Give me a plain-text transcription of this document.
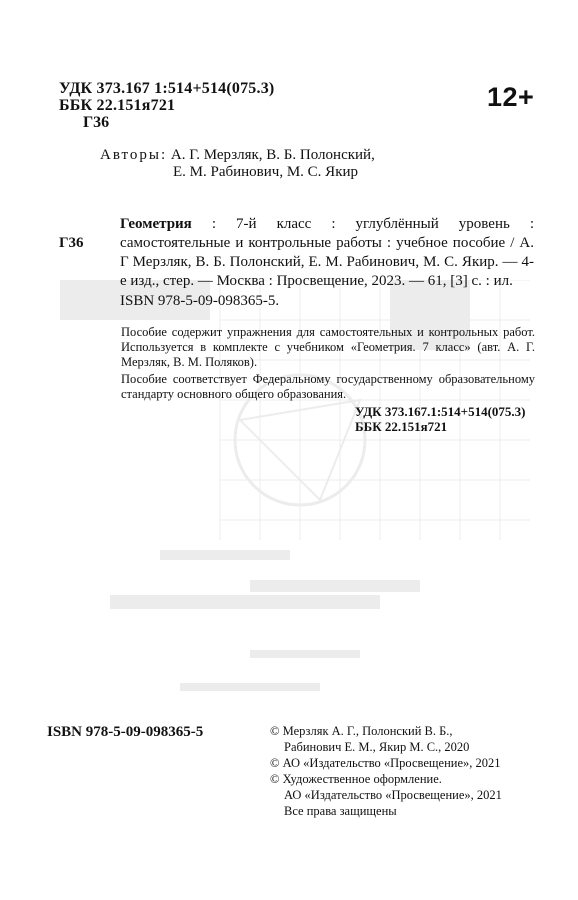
УДК 373.167 1:514+514(075.3)
ББК 22.151я721
Г36
12+
Авторы: А. Г. Мерзляк, В. Б. Полонский,
Е. М. Рабинович, М. С. Якир
Г36

Геометрия : 7-й класс : углублённый уровень : самостоятельные и контрольные работы : учебное пособие / А. Г Мерзляк, В. Б. Полонский, Е. М. Рабинович, М. С. Якир. — 4-е изд., стер. — Москва : Просвещение, 2023. — 61, [3] с. : ил.

ISBN 978-5-09-098365-5.

Пособие содержит упражнения для самостоятельных и контрольных работ. Используется в комплекте с учебником «Геометрия. 7 класс» (авт. А. Г. Мерзляк, В. М. Поляков).

Пособие соответствует Федеральному государственному образовательному стандарту основного общего образования.

УДК 373.167.1:514+514(075.3)
ББК 22.151я721
ISBN 978-5-09-098365-5	© Мерзляк А. Г., Полонский В. Б.,
Рабинович Е. М., Якир М. С., 2020
© АО «Издательство «Просвещение», 2021
© Художественное оформление.
АО «Издательство «Просвещение», 2021
Все права защищены
